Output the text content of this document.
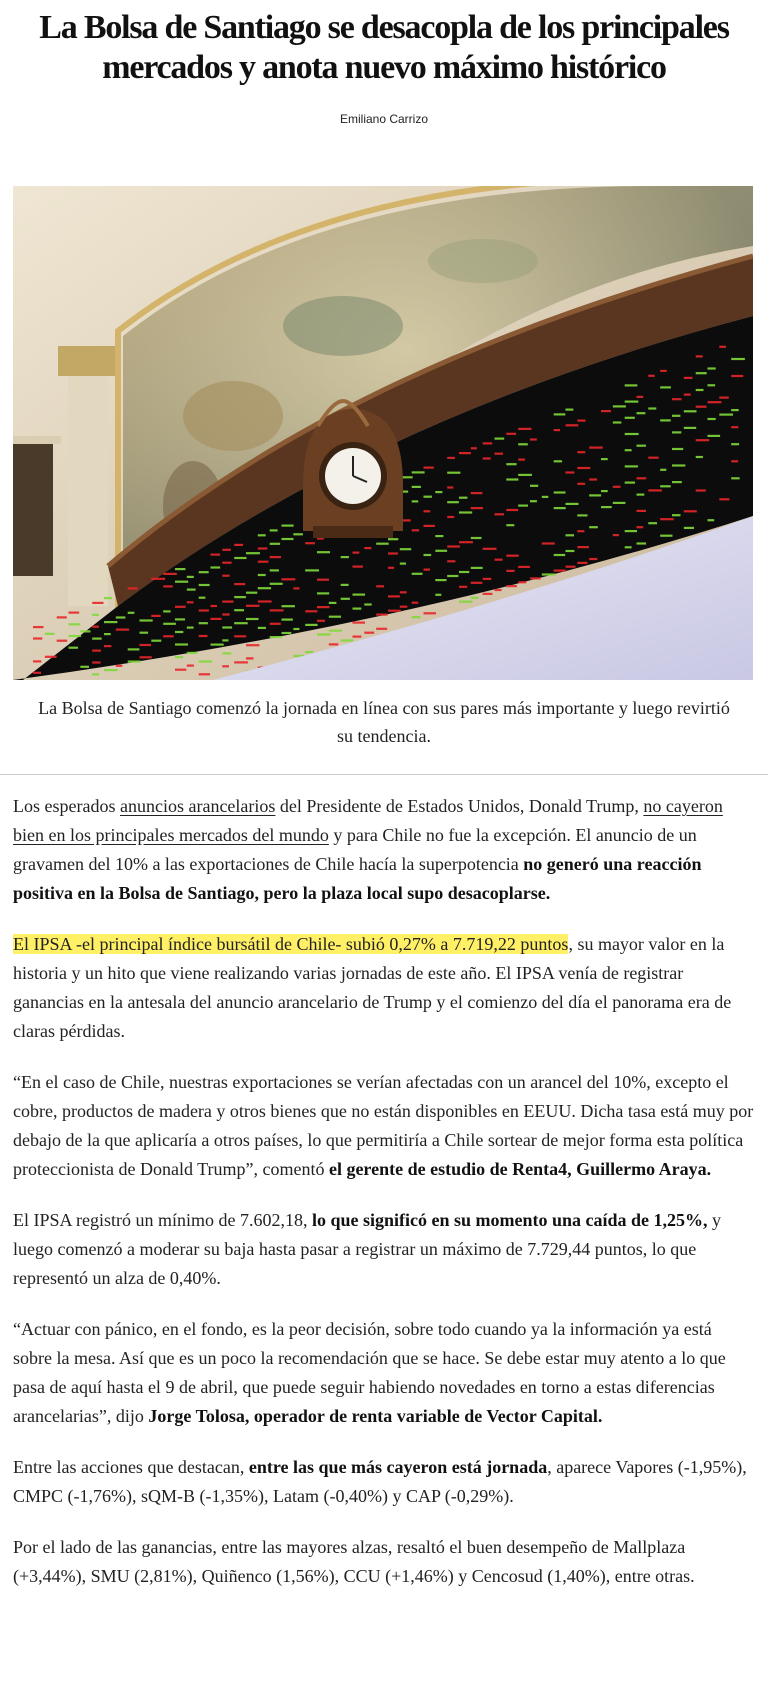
La Bolsa de Santiago se desacopla de los principales mercados y anota nuevo máximo histórico
Emiliano Carrizo
La Bolsa de Santiago comenzó la jornada en línea con sus pares más importante y luego revirtió su tendencia.

Los esperados anuncios arancelarios del Presidente de Estados Unidos, Donald Trump, no cayeron bien en los principales mercados del mundo y para Chile no fue la excepción. El anuncio de un gravamen del 10% a las exportaciones de Chile hacía la superpotencia no generó una reacción positiva en la Bolsa de Santiago, pero la plaza local supo desacoplarse.

El IPSA -el principal índice bursátil de Chile- subió 0,27% a 7.719,22 puntos, su mayor valor en la historia y un hito que viene realizando varias jornadas de este año. El IPSA venía de registrar ganancias en la antesala del anuncio arancelario de Trump y el comienzo del día el panorama era de claras pérdidas.

“En el caso de Chile, nuestras exportaciones se verían afectadas con un arancel del 10%, excepto el cobre, productos de madera y otros bienes que no están disponibles en EEUU. Dicha tasa está muy por debajo de la que aplicaría a otros países, lo que permitiría a Chile sortear de mejor forma esta política proteccionista de Donald Trump”, comentó el gerente de estudio de Renta4, Guillermo Araya.

El IPSA registró un mínimo de 7.602,18, lo que significó en su momento una caída de 1,25%, y luego comenzó a moderar su baja hasta pasar a registrar un máximo de 7.729,44 puntos, lo que representó un alza de 0,40%.

“Actuar con pánico, en el fondo, es la peor decisión, sobre todo cuando ya la información ya está sobre la mesa. Así que es un poco la recomendación que se hace. Se debe estar muy atento a lo que pasa de aquí hasta el 9 de abril, que puede seguir habiendo novedades en torno a estas diferencias arancelarias”, dijo Jorge Tolosa, operador de renta variable de Vector Capital.

Entre las acciones que destacan, entre las que más cayeron está jornada, aparece Vapores (-1,95%), CMPC (-1,76%), sQM-B (-1,35%), Latam (-0,40%) y CAP (-0,29%).

Por el lado de las ganancias, entre las mayores alzas, resaltó el buen desempeño de Mallplaza (+3,44%), SMU (2,81%), Quiñenco (1,56%), CCU (+1,46%) y Cencosud (1,40%), entre otras.
